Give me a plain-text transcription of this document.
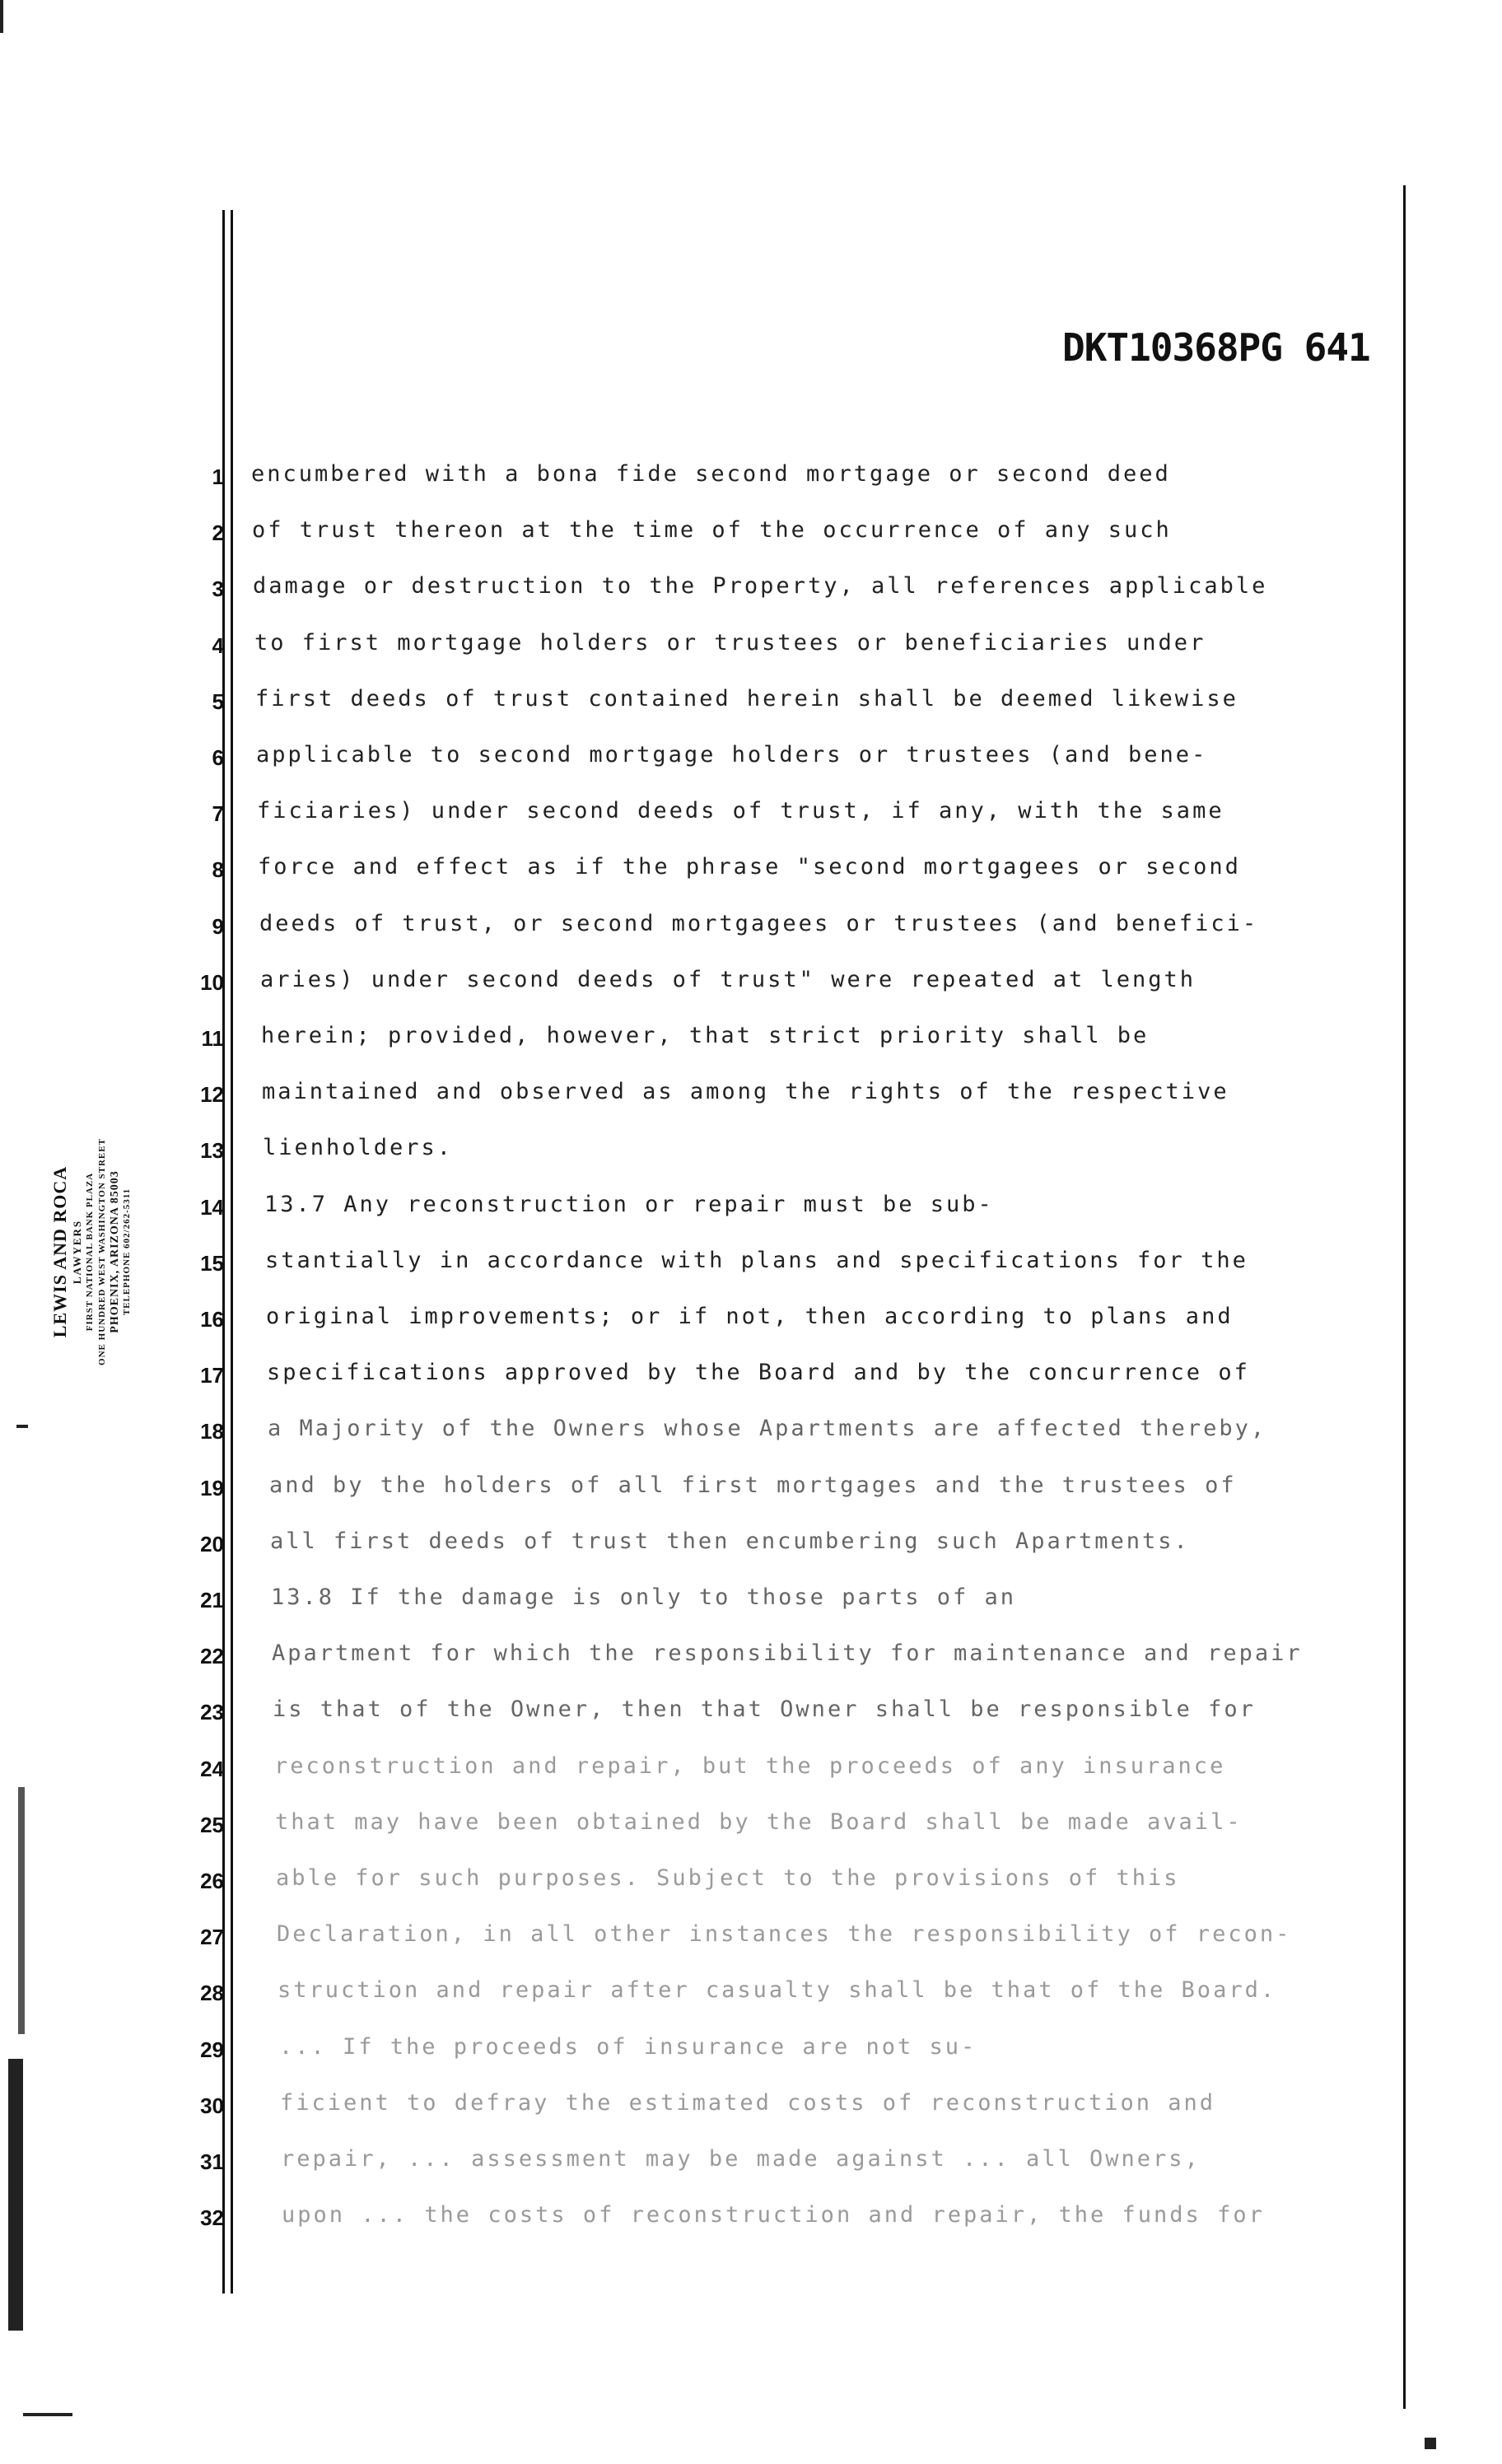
DKT10368PG 641
LEWIS AND ROCA LAWYERS FIRST NATIONAL BANK PLAZA ONE HUNDRED WEST WASHINGTON STREET PHOENIX, ARIZONA 85003 TELEPHONE 602/262-5311
1 encumbered with a bona fide second mortgage or second deed
2 of trust thereon at the time of the occurrence of any such
3 damage or destruction to the Property, all references applicable
4 to first mortgage holders or trustees or beneficiaries under
5 first deeds of trust contained herein shall be deemed likewise
6 applicable to second mortgage holders or trustees (and bene-
7 ficiaries) under second deeds of trust, if any, with the same
8 force and effect as if the phrase "second mortgagees or second
9 deeds of trust, or second mortgagees or trustees (and benefici-
10 aries) under second deeds of trust" were repeated at length
11 herein; provided, however, that strict priority shall be
12 maintained and observed as among the rights of the respective
13 lienholders.
14 13.7 Any reconstruction or repair must be sub-
15 stantially in accordance with plans and specifications for the
16 original improvements; or if not, then according to plans and
17 specifications approved by the Board and by the concurrence of
18 a Majority of the Owners whose Apartments are affected thereby,
19 and by the holders of all first mortgages and the trustees of
20 all first deeds of trust then encumbering such Apartments.
21 13.8 If the damage is only to those parts of an
22 Apartment for which the responsibility for maintenance and repair
23 is that of the Owner, then that Owner shall be responsible for
24 reconstruction and repair, but the proceeds of any insurance
25 that may have been obtained by the Board shall be made avail-
26 able for such purposes. Subject to the provisions of this
27 Declaration, in all other instances the responsibility of recon-
28 struction and repair after casualty shall be that of the Board.
29 ... If the proceeds of insurance are not su-
30	ficient to defray the estimated costs of reconstruction and
31	repair, ... assessment may be made against ... all Owners,
32	upon ... the costs of reconstruction and repair, the funds for
